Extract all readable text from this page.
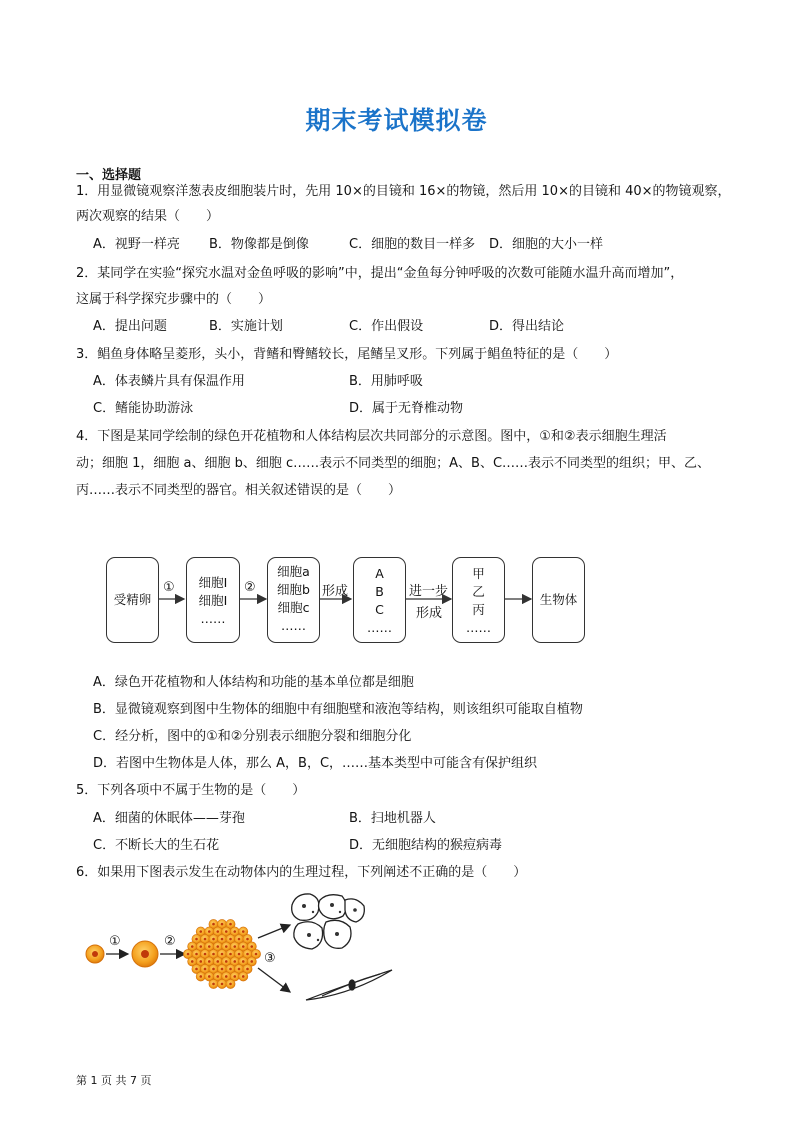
期末考试模拟卷
一、选择题
1．用显微镜观察洋葱表皮细胞装片时，先用 10×的目镜和 16×的物镜，然后用 10×的目镜和 40×的物镜观察，
两次观察的结果（　　）
A．视野一样亮 B．物像都是倒像	C．细胞的数目一样多 D．细胞的大小一样
2．某同学在实验“探究水温对金鱼呼吸的影响”中，提出“金鱼每分钟呼吸的次数可能随水温升高而增加”，
这属于科学探究步骤中的（　　）
A．提出问题	B．实施计划	C．作出假设	D．得出结论
3．鲳鱼身体略呈菱形，头小，背鳍和臀鳍较长，尾鳍呈叉形。下列属于鲳鱼特征的是（　　）
A．体表鳞片具有保温作用	B．用肺呼吸
C．鳍能协助游泳	D．属于无脊椎动物
4．下图是某同学绘制的绿色开花植物和人体结构层次共同部分的示意图。图中，①和②表示细胞生理活
动；细胞 1，细胞 a、细胞 b、细胞 c……表示不同类型的细胞；A、B、C……表示不同类型的组织；甲、乙、
丙……表示不同类型的器官。相关叙述错误的是（　　）
受精卵
①	细胞Ⅰ
细胞Ⅰ
……
②
细胞a
细胞b
细胞c
……
形成
A
B
C
……
进一步
形成
甲
乙
丙
……
生物体
A．绿色开花植物和人体结构和功能的基本单位都是细胞
B．显微镜观察到图中生物体的细胞中有细胞壁和液泡等结构，则该组织可能取自植物
C．经分析，图中的①和②分别表示细胞分裂和细胞分化
D．若图中生物体是人体，那么 A，B，C，……基本类型中可能含有保护组织
5．下列各项中不属于生物的是（　　）
A．细菌的休眠体——芽孢	B．扫地机器人
C．不断长大的生石花	D．无细胞结构的猴痘病毒
6．如果用下图表示发生在动物体内的生理过程，下列阐述不正确的是（　　）
①	②
③
第 1 页 共 7 页
